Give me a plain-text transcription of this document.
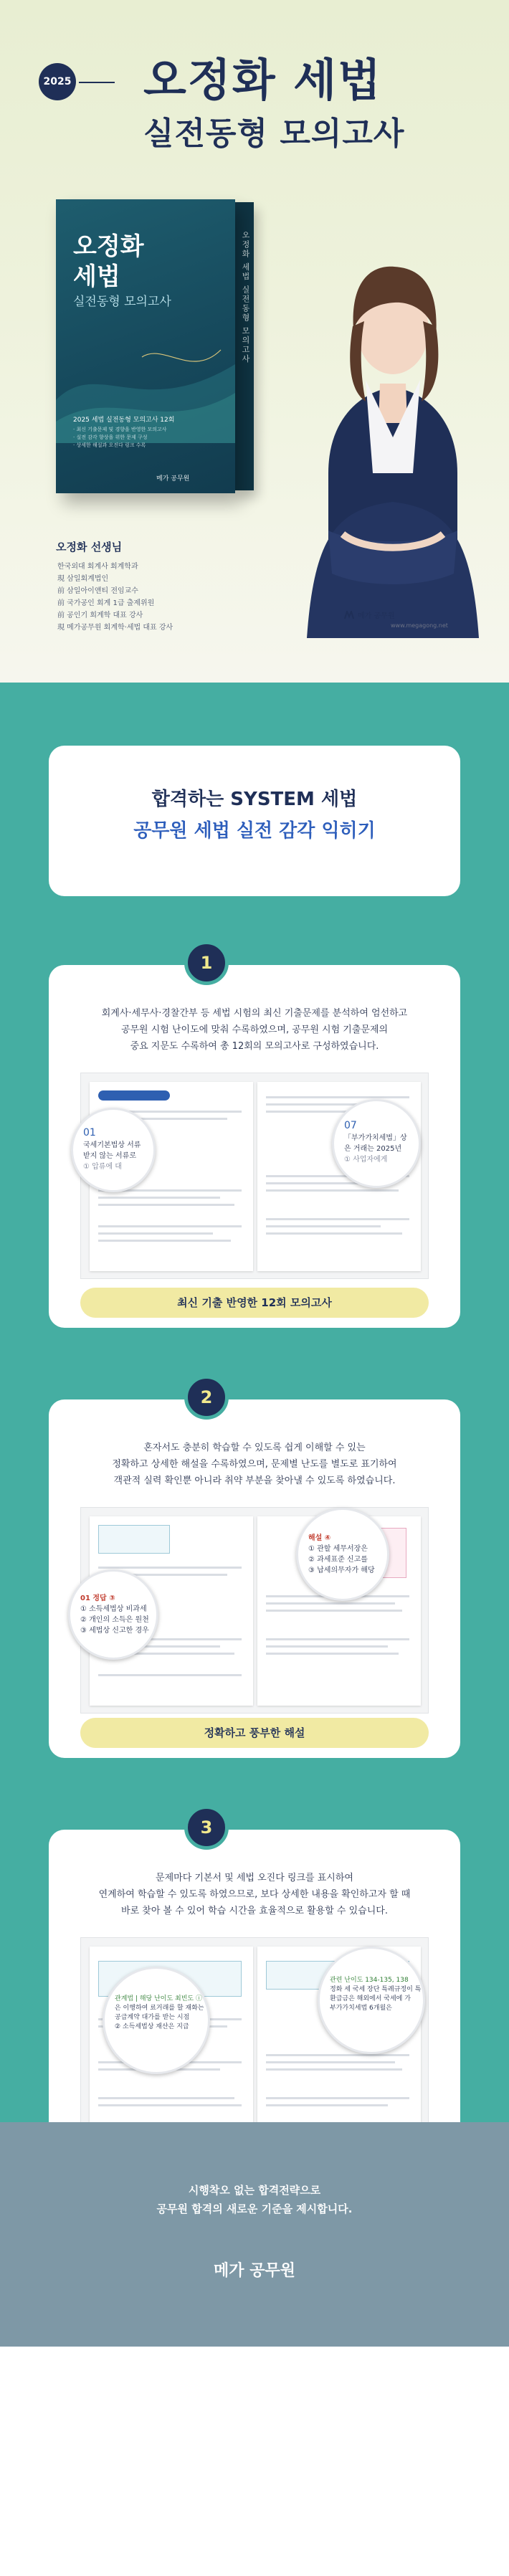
2025 오정화 세법
실전동형 모의고사
오정화 세법 실전동형 모의고사
오정화
세법
실전동형 모의고사
2025 세법 실전동형 모의고사 12회
· 최신 기출문제 및 경향을 반영한 모의고사
· 실전 감각 향상을 위한 문제 구성
· 상세한 해설과 오진다 링크 수록
메가 공무원
오정화 선생님
한국외대 회계사 회계학과
現 삼일회계법인
前 삼일아이앤티 전임교수
前 국가공인 회계 1급 출제위원
前 공인기 회계학 대표 강사
現 메가공무원 회계학·세법 대표 강사
메가 공무원
www.megagong.net
합격하는 SYSTEM 세법
공무원 세법 실전 감각 익히기
회계사·세무사·경찰간부 등 세법 시험의 최신 기출문제를 분석하여 엄선하고
공무원 시험 난이도에 맞춰 수록하였으며, 공무원 시험 기출문제의
중요 지문도 수록하여 총 12회의 모의고사로 구성하였습니다.
01
국세기본법상 서류
받지 않는 서류로
① 압류에 대
07
「부가가치세법」상
은 거래는 2025년
① 사업자에게
최신 기출 반영한 12회 모의고사
1
혼자서도 충분히 학습할 수 있도록 쉽게 이해할 수 있는
정확하고 상세한 해설을 수록하였으며, 문제별 난도를 별도로 표기하여
객관적 실력 확인뿐 아니라 취약 부분을 찾아낼 수 있도록 하였습니다.
01 정답 ③
① 소득세법상 비과세
② 개인의 소득은 원천
③ 세법상 신고한 경우
해설 ④
① 관할 세무서장은
② 과세표준 신고를
③ 납세의무자가 해당
정확하고 풍부한 해설
2
문제마다 기본서 및 세법 오진다 링크를 표시하여
연계하여 학습할 수 있도록 하였으므로, 보다 상세한 내용을 확인하고자 할 때
바로 찾아 볼 수 있어 학습 시간을 효율적으로 활용할 수 있습니다.
관계법 | 해당 난이도 최빈도 ⓘ
은 이행하여 료거래를 할 재화는
공급계약 대가를 받는 시점
② 소득세법상 재산은 지급
관련 난이도 134-135, 138
정화 세 국세 장단 특례규정이 특
환급금은 해외에서 국세에 가
부가가치세법 6개월은
3
시행착오 없는 합격전략으로
공무원 합격의 새로운 기준을 제시합니다.
메가 공무원
